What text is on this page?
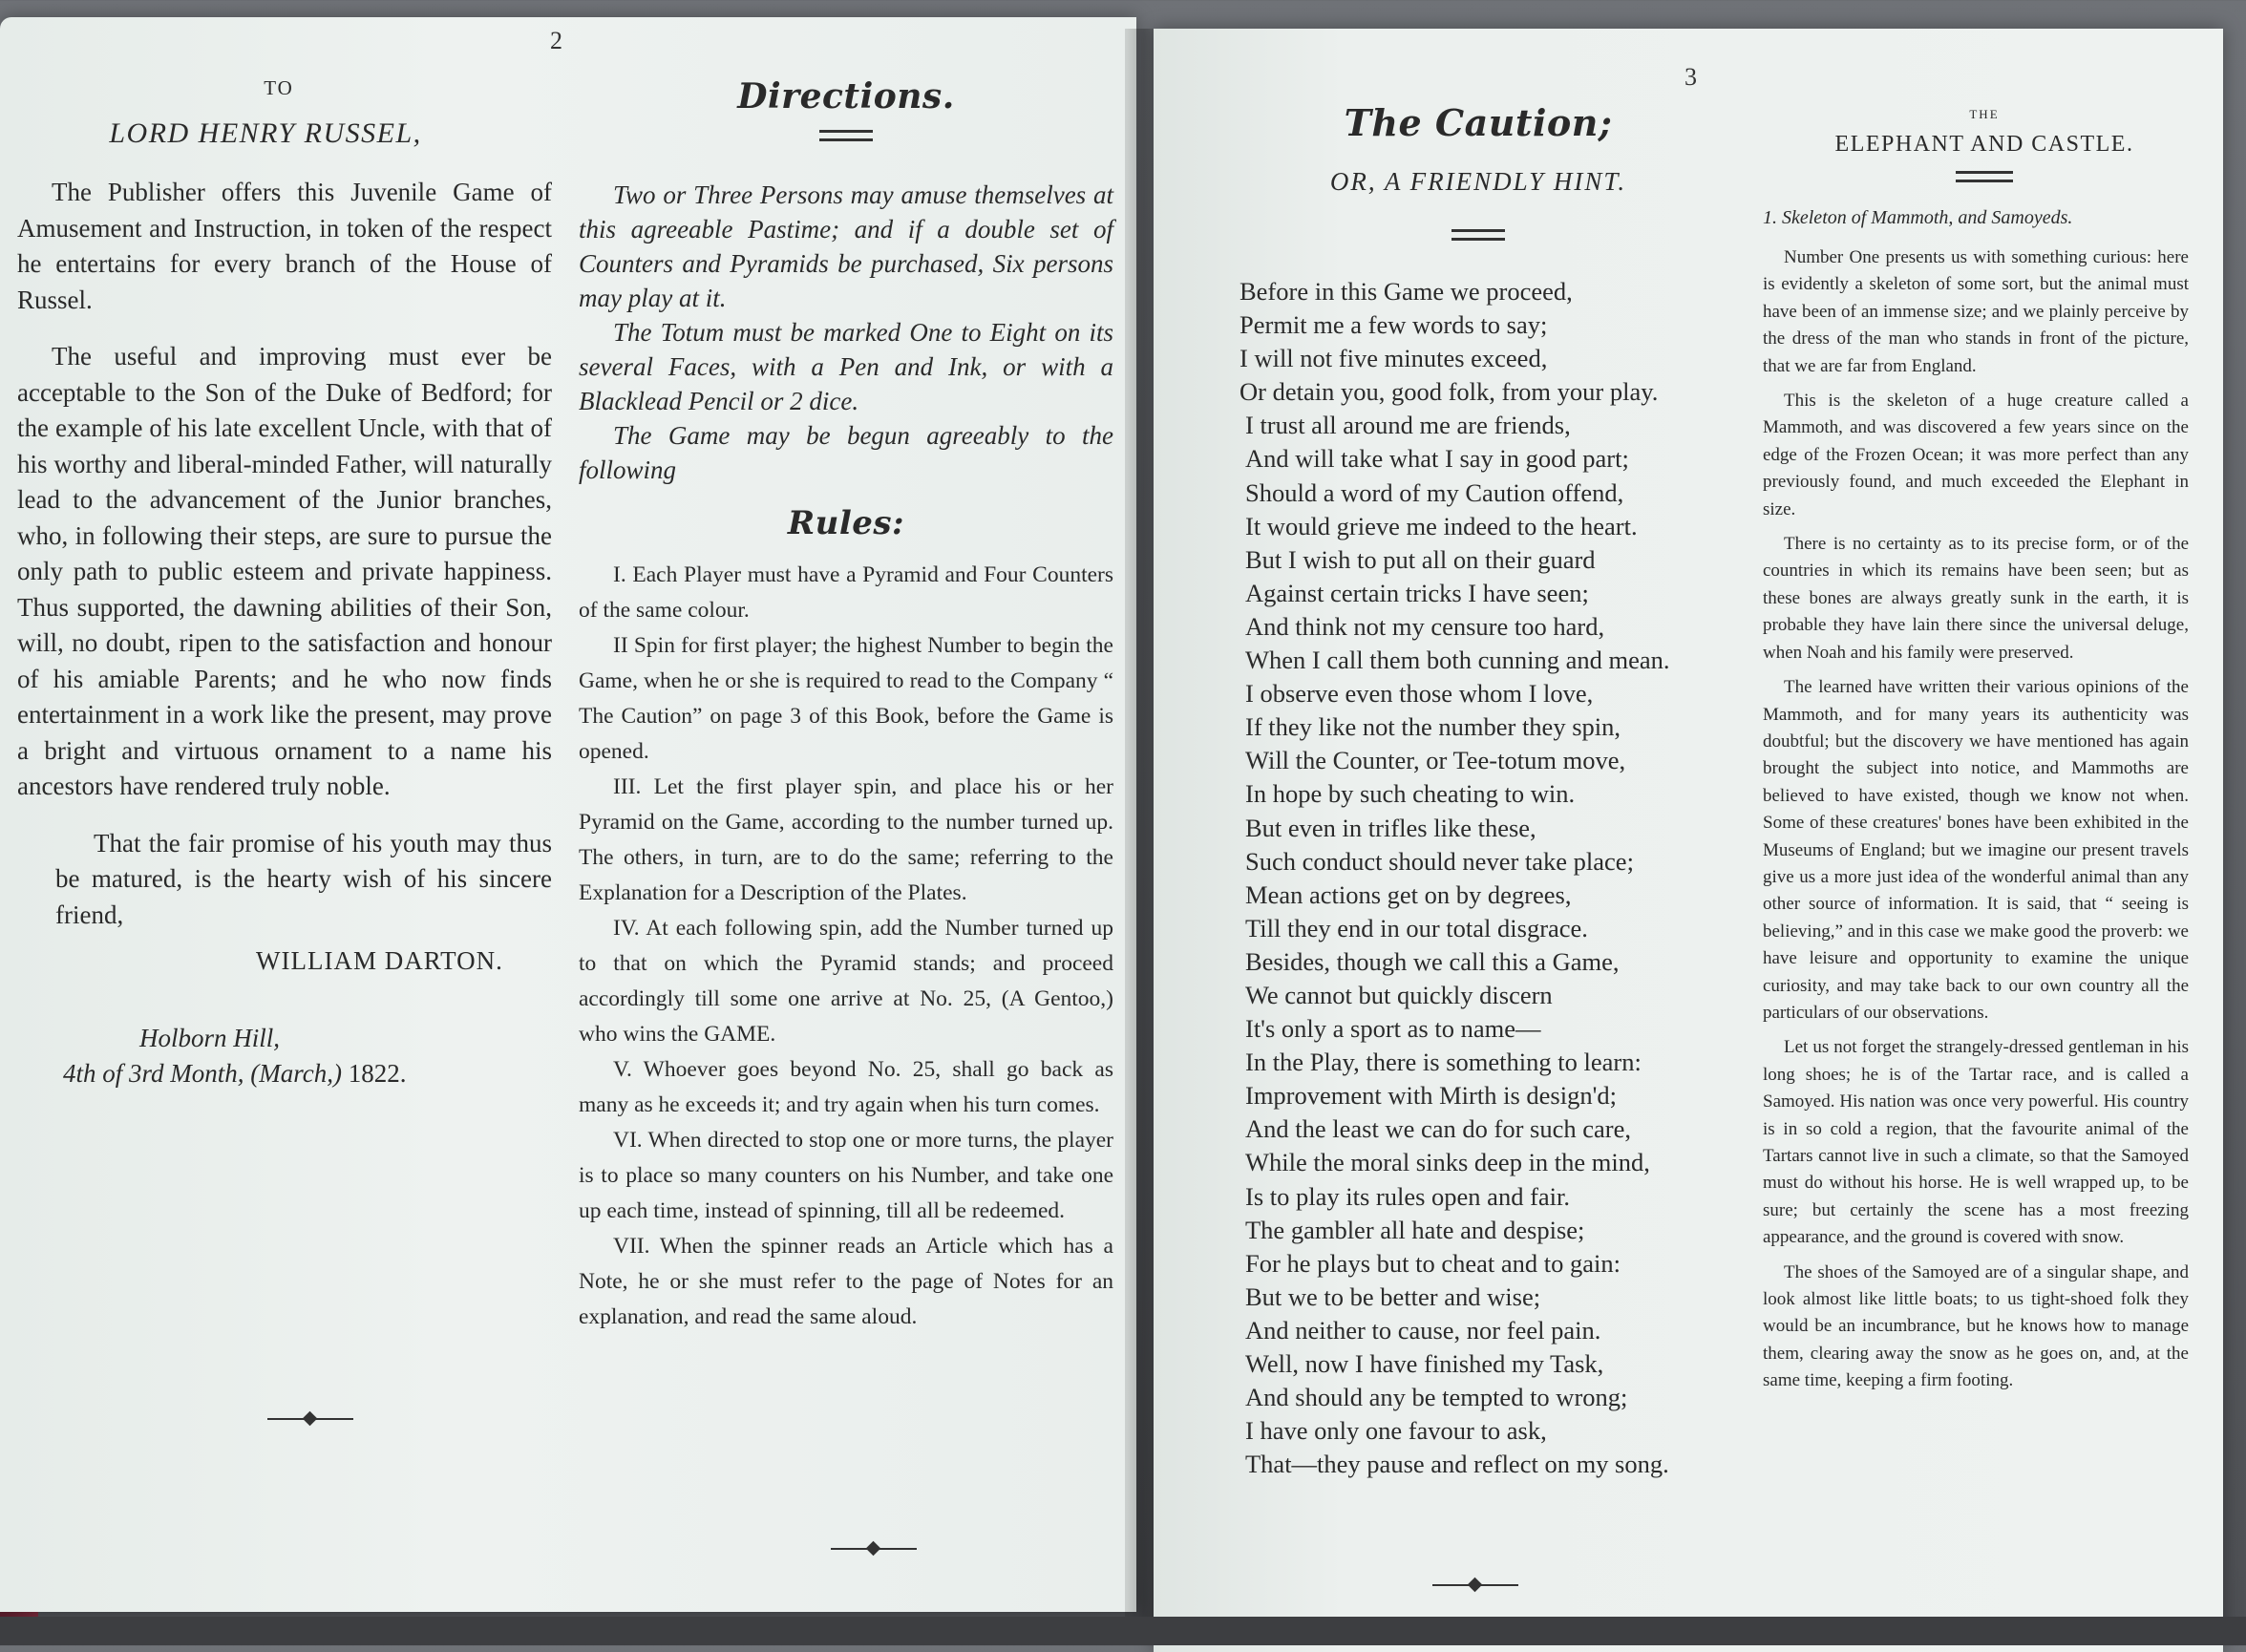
2
TO
LORD HENRY RUSSEL,

The Publisher offers this Juvenile Game of Amusement and Instruction, in token of the respect he entertains for every branch of the House of Russel.

The useful and improving must ever be acceptable to the Son of the Duke of Bedford; for the example of his late excellent Uncle, with that of his worthy and liberal-minded Father, will naturally lead to the advancement of the Junior branches, who, in following their steps, are sure to pursue the only path to public esteem and private happiness. Thus supported, the dawning abilities of their Son, will, no doubt, ripen to the satisfaction and honour of his amiable Parents; and he who now finds entertainment in a work like the present, may prove a bright and virtuous ornament to a name his ancestors have rendered truly noble.

That the fair promise of his youth may thus be matured, is the hearty wish of his sincere friend,

WILLIAM DARTON.
Holborn Hill,
4th of 3rd Month, (March,) 1822.
Directions.

Two or Three Persons may amuse themselves at this agreeable Pastime; and if a double set of Counters and Pyramids be purchased, Six persons may play at it.

The Totum must be marked One to Eight on its several Faces, with a Pen and Ink, or with a Blacklead Pencil or 2 dice.

The Game may be begun agreeably to the following

Rules:

I. Each Player must have a Pyramid and Four Counters of the same colour.

II Spin for first player; the highest Number to begin the Game, when he or she is required to read to the Company “ The Caution” on page 3 of this Book, before the Game is opened.

III. Let the first player spin, and place his or her Pyramid on the Game, according to the number turned up. The others, in turn, are to do the same; referring to the Explanation for a Description of the Plates.

IV. At each following spin, add the Number turned up to that on which the Pyramid stands; and proceed accordingly till some one arrive at No. 25, (A Gentoo,) who wins the GAME.

V. Whoever goes beyond No. 25, shall go back as many as he exceeds it; and try again when his turn comes.

VI. When directed to stop one or more turns, the player is to place so many counters on his Number, and take one up each time, instead of spinning, till all be redeemed.

VII. When the spinner reads an Article which has a Note, he or she must refer to the page of Notes for an explanation, and read the same aloud.

3
The Caution;
OR, A FRIENDLY HINT.
Before in this Game we proceed,
Permit me a few words to say;
I will not five minutes exceed,
Or detain you, good folk, from your play.
I trust all around me are friends,
And will take what I say in good part;
Should a word of my Caution offend,
It would grieve me indeed to the heart.
But I wish to put all on their guard
Against certain tricks I have seen;
And think not my censure too hard,
When I call them both cunning and mean.
I observe even those whom I love,
If they like not the number they spin,
Will the Counter, or Tee-totum move,
In hope by such cheating to win.
But even in trifles like these,
Such conduct should never take place;
Mean actions get on by degrees,
Till they end in our total disgrace.
Besides, though we call this a Game,
We cannot but quickly discern
It's only a sport as to name—
In the Play, there is something to learn:
Improvement with Mirth is design'd;
And the least we can do for such care,
While the moral sinks deep in the mind,
Is to play its rules open and fair.
The gambler all hate and despise;
For he plays but to cheat and to gain:
But we to be better and wise;
And neither to cause, nor feel pain.
Well, now I have finished my Task,
And should any be tempted to wrong;
I have only one favour to ask,
That—they pause and reflect on my song.
THE
ELEPHANT AND CASTLE.
1. Skeleton of Mammoth, and Samoyeds.

Number One presents us with something curious: here is evidently a skeleton of some sort, but the animal must have been of an immense size; and we plainly perceive by the dress of the man who stands in front of the picture, that we are far from England.

This is the skeleton of a huge creature called a Mammoth, and was discovered a few years since on the edge of the Frozen Ocean; it was more perfect than any previously found, and much exceeded the Elephant in size.

There is no certainty as to its precise form, or of the countries in which its remains have been seen; but as these bones are always greatly sunk in the earth, it is probable they have lain there since the universal deluge, when Noah and his family were preserved.

The learned have written their various opinions of the Mammoth, and for many years its authenticity was doubtful; but the discovery we have mentioned has again brought the subject into notice, and Mammoths are believed to have existed, though we know not when. Some of these creatures' bones have been exhibited in the Museums of England; but we imagine our present travels give us a more just idea of the wonderful animal than any other source of information. It is said, that “ seeing is believing,” and in this case we make good the proverb: we have leisure and opportunity to examine the unique curiosity, and may take back to our own country all the particulars of our observations.

Let us not forget the strangely-dressed gentleman in his long shoes; he is of the Tartar race, and is called a Samoyed. His nation was once very powerful. His country is in so cold a region, that the favourite animal of the Tartars cannot live in such a climate, so that the Samoyed must do without his horse. He is well wrapped up, to be sure; but certainly the scene has a most freezing appearance, and the ground is covered with snow.

The shoes of the Samoyed are of a singular shape, and look almost like little boats; to us tight-shoed folk they would be an incumbrance, but he knows how to manage them, clearing away the snow as he goes on, and, at the same time, keeping a firm footing.
